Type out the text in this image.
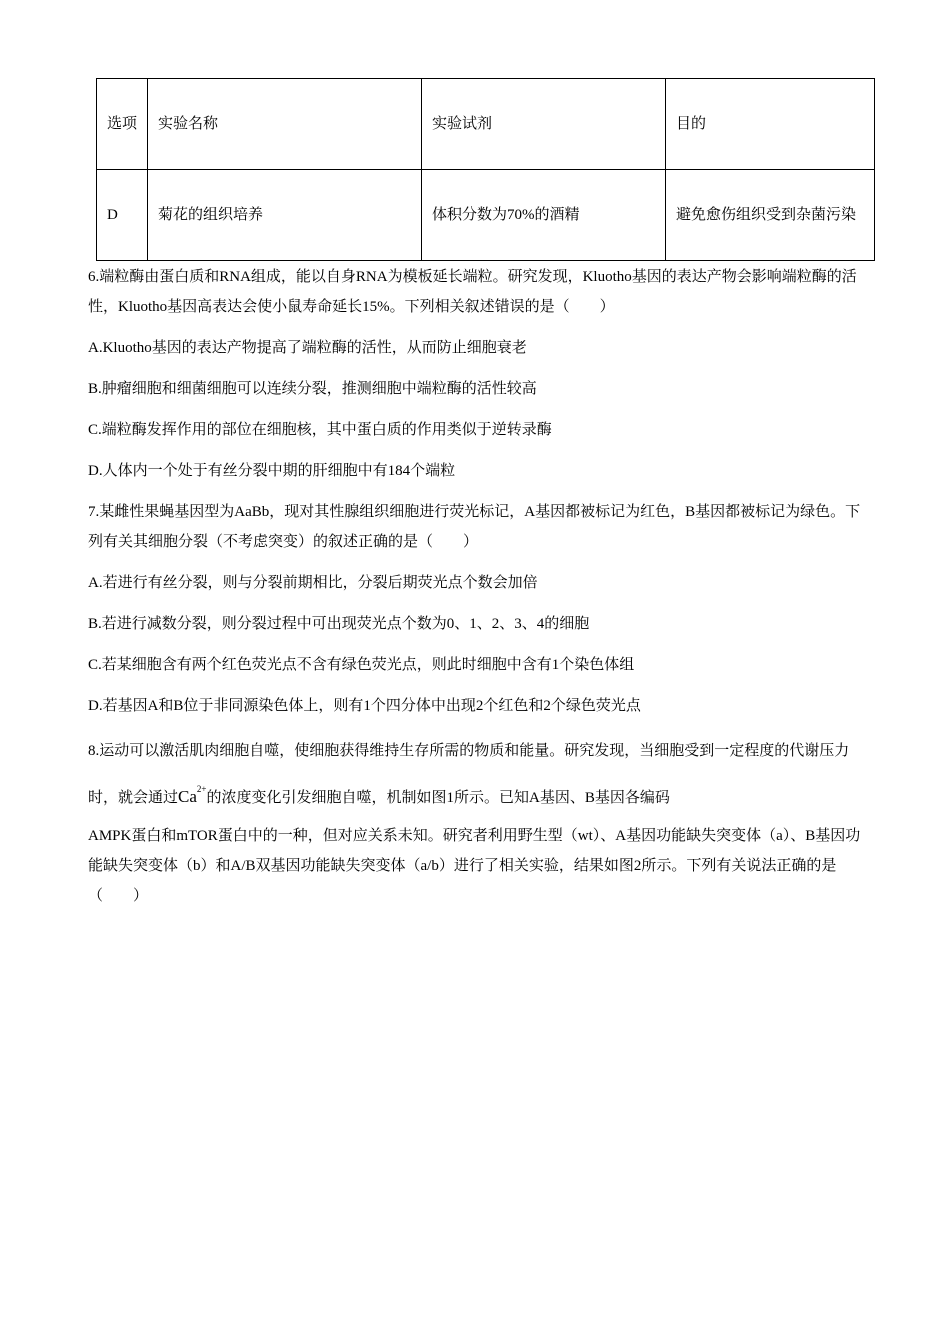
选项	实验名称	实验试剂	目的
D	菊花的组织培养	体积分数为70%的酒精	避免愈伤组织受到杂菌污染

6.端粒酶由蛋白质和RNA组成，能以自身RNA为模板延长端粒。研究发现，Kluotho基因的表达产物会影响端粒酶的活性，Kluotho基因高表达会使小鼠寿命延长15%。下列相关叙述错误的是（　　）

A.Kluotho基因的表达产物提高了端粒酶的活性，从而防止细胞衰老

B.肿瘤细胞和细菌细胞可以连续分裂，推测细胞中端粒酶的活性较高

C.端粒酶发挥作用的部位在细胞核，其中蛋白质的作用类似于逆转录酶

D.人体内一个处于有丝分裂中期的肝细胞中有184个端粒

7.某雌性果蝇基因型为AaBb，现对其性腺组织细胞进行荧光标记，A基因都被标记为红色，B基因都被标记为绿色。下列有关其细胞分裂（不考虑突变）的叙述正确的是（　　）

A.若进行有丝分裂，则与分裂前期相比，分裂后期荧光点个数会加倍

B.若进行减数分裂，则分裂过程中可出现荧光点个数为0、1、2、3、4的细胞

C.若某细胞含有两个红色荧光点不含有绿色荧光点，则此时细胞中含有1个染色体组

D.若基因A和B位于非同源染色体上，则有1个四分体中出现2个红色和2个绿色荧光点

8.运动可以激活肌肉细胞自噬，使细胞获得维持生存所需的物质和能量。研究发现，当细胞受到一定程度的代谢压力时，就会通过$Ca^{2+}$的浓度变化引发细胞自噬，机制如图1所示。已知A基因、B基因各编码

AMPK蛋白和mTOR蛋白中的一种，但对应关系未知。研究者利用野生型（wt）、A基因功能缺失突变体（a）、B基因功能缺失突变体（b）和A/B双基因功能缺失突变体（a/b）进行了相关实验，结果如图2所示。下列有关说法正确的是（　　）
